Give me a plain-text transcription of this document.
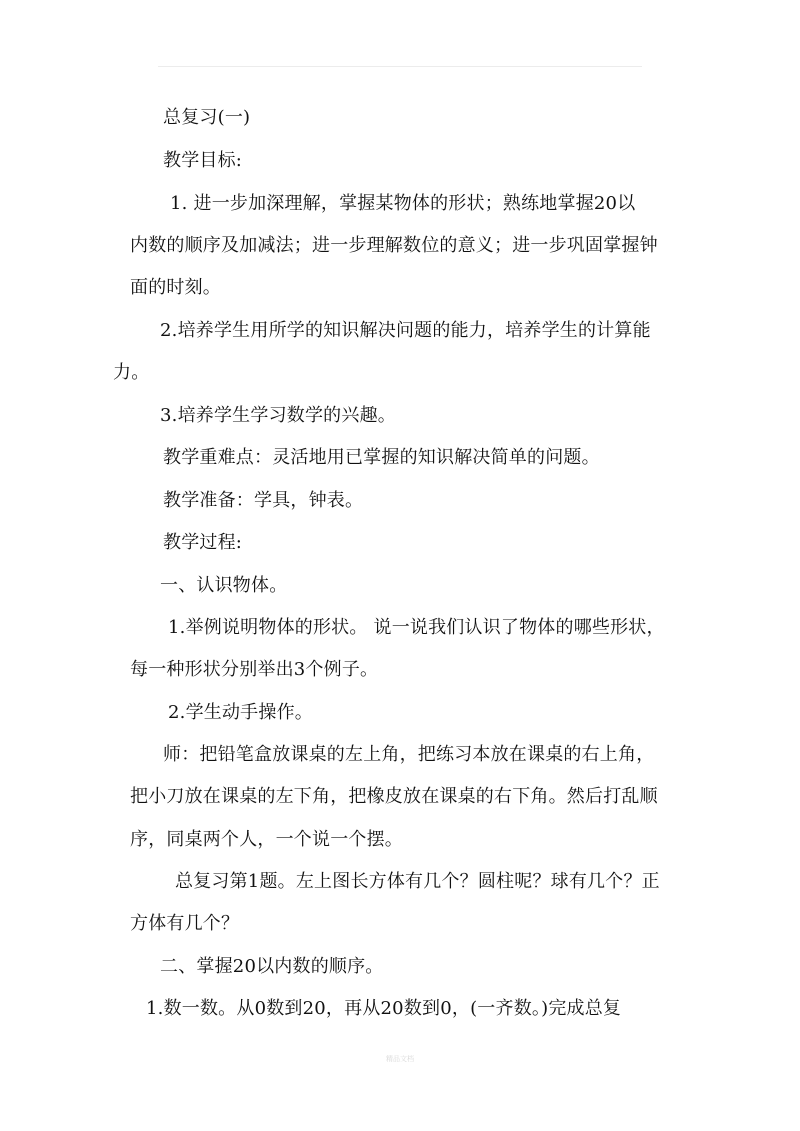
总复习(一)
教学目标:
1. 进一步加深理解，掌握某物体的形状；熟练地掌握20以
内数的顺序及加减法；进一步理解数位的意义；进一步巩固掌握钟
面的时刻。
2.培养学生用所学的知识解决问题的能力，培养学生的计算能
力。
3.培养学生学习数学的兴趣。
教学重难点：灵活地用已掌握的知识解决简单的问题。
教学准备：学具，钟表。
教学过程:
一、认识物体。
1.举例说明物体的形状。 说一说我们认识了物体的哪些形状，
每一种形状分别举出3个例子。
2.学生动手操作。
师：把铅笔盒放课桌的左上角，把练习本放在课桌的右上角，
把小刀放在课桌的左下角，把橡皮放在课桌的右下角。然后打乱顺
序，同桌两个人，一个说一个摆。
总复习第1题。左上图长方体有几个？圆柱呢？球有几个？正
方体有几个？
二、掌握20以内数的顺序。
1.数一数。从0数到20，再从20数到0，(一齐数。)完成总复
精品文档
